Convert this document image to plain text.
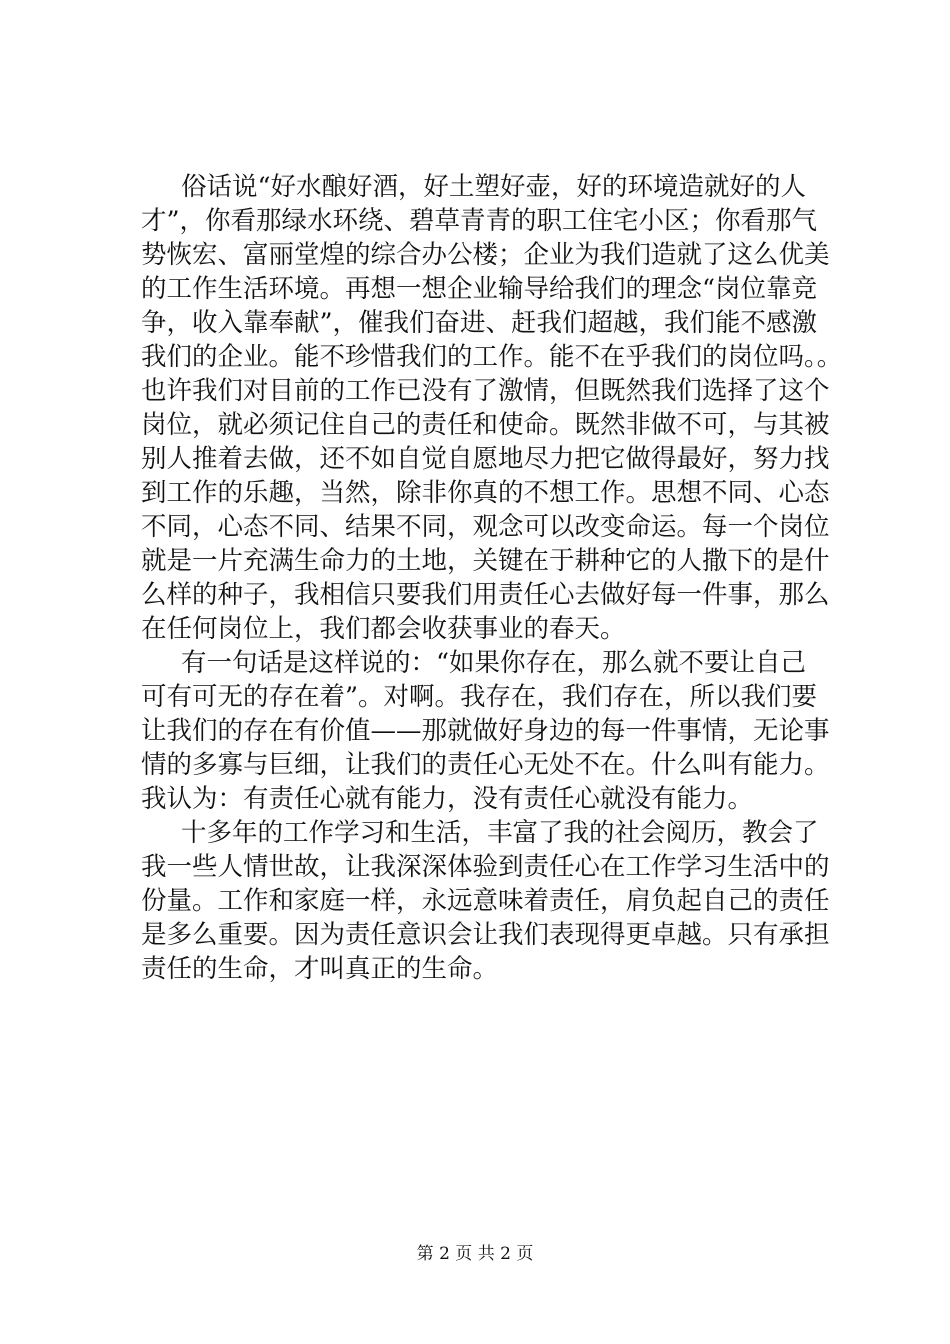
俗话说“好水酿好酒，好土塑好壶，好的环境造就好的人
才”，你看那绿水环绕、碧草青青的职工住宅小区；你看那气
势恢宏、富丽堂煌的综合办公楼；企业为我们造就了这么优美
的工作生活环境。再想一想企业输导给我们的理念“岗位靠竞
争，收入靠奉献”，催我们奋进、赶我们超越，我们能不感激
我们的企业。能不珍惜我们的工作。能不在乎我们的岗位吗。。
也许我们对目前的工作已没有了激情，但既然我们选择了这个
岗位，就必须记住自己的责任和使命。既然非做不可，与其被
别人推着去做，还不如自觉自愿地尽力把它做得最好，努力找
到工作的乐趣，当然，除非你真的不想工作。思想不同、心态
不同，心态不同、结果不同，观念可以改变命运。每一个岗位
就是一片充满生命力的土地，关键在于耕种它的人撒下的是什
么样的种子，我相信只要我们用责任心去做好每一件事，那么
在任何岗位上，我们都会收获事业的春天。
有一句话是这样说的：“如果你存在，那么就不要让自己
可有可无的存在着”。对啊。我存在，我们存在，所以我们要
让我们的存在有价值——那就做好身边的每一件事情，无论事
情的多寡与巨细，让我们的责任心无处不在。什么叫有能力。
我认为：有责任心就有能力，没有责任心就没有能力。
十多年的工作学习和生活，丰富了我的社会阅历，教会了
我一些人情世故，让我深深体验到责任心在工作学习生活中的
份量。工作和家庭一样，永远意味着责任，肩负起自己的责任
是多么重要。因为责任意识会让我们表现得更卓越。只有承担
责任的生命，才叫真正的生命。
第 2 页 共 2 页
